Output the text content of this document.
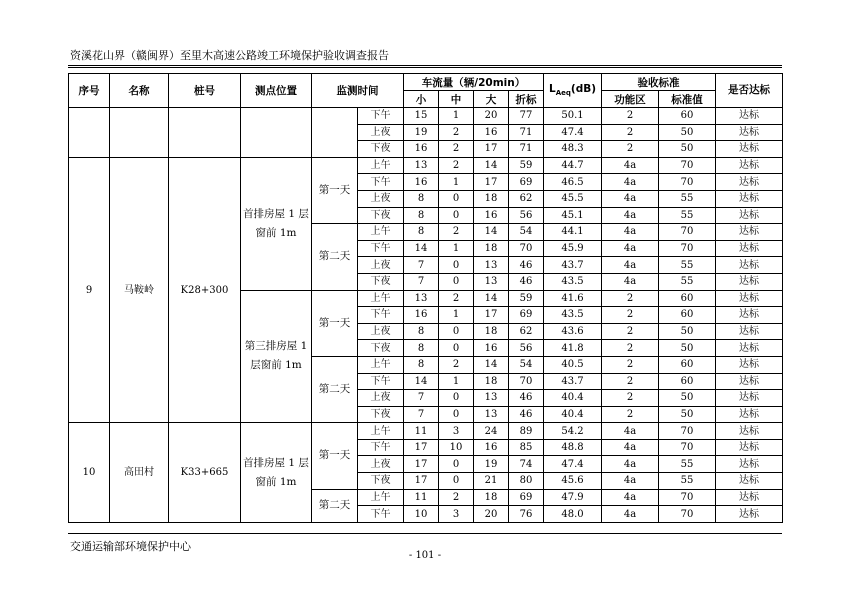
资溪花山界（赣闽界）至里木高速公路竣工环境保护验收调查报告
序号	名称	桩号	测点位置	监测时间		车流量（辆/20min）				$L_{Aeq}(dB)$	验收标准		是否达标
						小	中	大	折标		功能区	标准值	
					下午	15	1	20	77	50.1	2	60	达标
					上夜	19	2	16	71	47.4	2	50	达标
					下夜	16	2	17	71	48.3	2	50	达标
9	马鞍岭	K28+300	首排房屋 1 层窗前 1m	第一天	上午	13	2	14	59	44.7	4a	70	达标
					下午	16	1	17	69	46.5	4a	70	达标
					上夜	8	0	18	62	45.5	4a	55	达标
					下夜	8	0	16	56	45.1	4a	55	达标
				第二天	上午	8	2	14	54	44.1	4a	70	达标
					下午	14	1	18	70	45.9	4a	70	达标
					上夜	7	0	13	46	43.7	4a	55	达标
					下夜	7	0	13	46	43.5	4a	55	达标
			第三排房屋 1 层窗前 1m	第一天	上午	13	2	14	59	41.6	2	60	达标
					下午	16	1	17	69	43.5	2	60	达标
					上夜	8	0	18	62	43.6	2	50	达标
					下夜	8	0	16	56	41.8	2	50	达标
				第二天	上午	8	2	14	54	40.5	2	60	达标
					下午	14	1	18	70	43.7	2	60	达标
					上夜	7	0	13	46	40.4	2	50	达标
					下夜	7	0	13	46	40.4	2	50	达标
10	高田村	K33+665	首排房屋 1 层窗前 1m	第一天	上午	11	3	24	89	54.2	4a	70	达标
					下午	17	10	16	85	48.8	4a	70	达标
					上夜	17	0	19	74	47.4	4a	55	达标
					下夜	17	0	21	80	45.6	4a	55	达标
				第二天	上午	11	2	18	69	47.9	4a	70	达标
					下午	10	3	20	76	48.0	4a	70	达标
交通运输部环境保护中心
- 101 -
